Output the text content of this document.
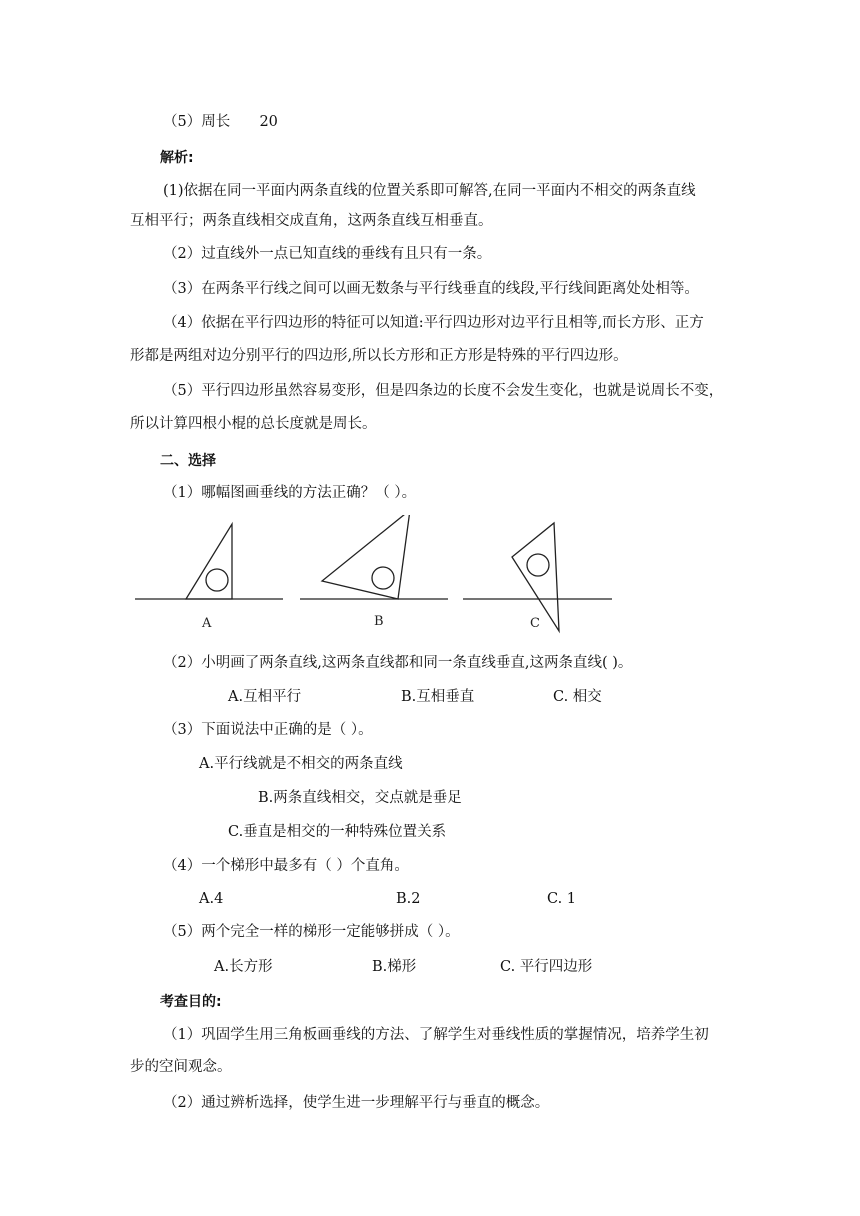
（5）周长 20
解析:
(1)依据在同一平面内两条直线的位置关系即可解答,在同一平面内不相交的两条直线
互相平行；两条直线相交成直角，这两条直线互相垂直。
（2）过直线外一点已知直线的垂线有且只有一条。
（3）在两条平行线之间可以画无数条与平行线垂直的线段,平行线间距离处处相等。
（4）依据在平行四边形的特征可以知道:平行四边形对边平行且相等,而长方形、正方
形都是两组对边分别平行的四边形,所以长方形和正方形是特殊的平行四边形。
（5）平行四边形虽然容易变形，但是四条边的长度不会发生变化，也就是说周长不变，
所以计算四根小棍的总长度就是周长。
二、选择
（1）哪幅图画垂线的方法正确？（ ）。
A	B	C
（2）小明画了两条直线,这两条直线都和同一条直线垂直,这两条直线( )。
A.互相平行	B.互相垂直	C. 相交
（3）下面说法中正确的是（ ）。
A.平行线就是不相交的两条直线
B.两条直线相交，交点就是垂足
C.垂直是相交的一种特殊位置关系
（4）一个梯形中最多有（ ）个直角。
A.4	B.2	C. 1
（5）两个完全一样的梯形一定能够拼成（ ）。
A.长方形	B.梯形	C. 平行四边形
考查目的:
（1）巩固学生用三角板画垂线的方法、了解学生对垂线性质的掌握情况，培养学生初
步的空间观念。
（2）通过辨析选择，使学生进一步理解平行与垂直的概念。
